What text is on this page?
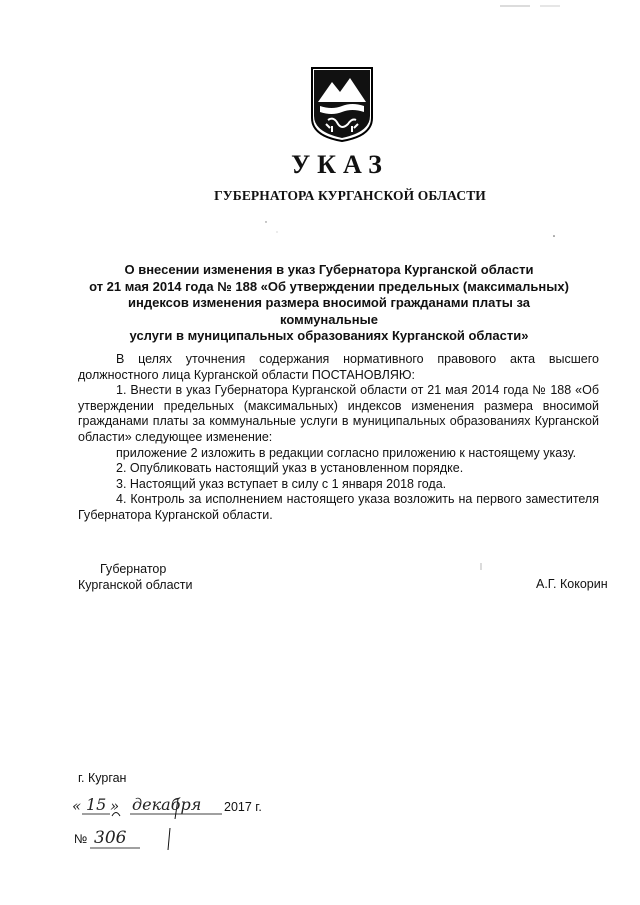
УКАЗ
ГУБЕРНАТОРА КУРГАНСКОЙ ОБЛАСТИ
О внесении изменения в указ Губернатора Курганской области
от 21 мая 2014 года № 188 «Об утверждении предельных (максимальных)
индексов изменения размера вносимой гражданами платы за коммунальные
услуги в муниципальных образованиях Курганской области»

В целях уточнения содержания нормативного правового акта высшего должностного лица Курганской области ПОСТАНОВЛЯЮ:

1. Внести в указ Губернатора Курганской области от 21 мая 2014 года № 188 «Об утверждении предельных (максимальных) индексов изменения размера вносимой гражданами платы за коммунальные услуги в муниципальных образованиях Курганской области» следующее изменение:

приложение 2 изложить в редакции согласно приложению к настоящему указу.

2. Опубликовать настоящий указ в установленном порядке.

3. Настоящий указ вступает в силу с 1 января 2018 года.

4. Контроль за исполнением настоящего указа возложить на первого заместителя Губернатора Курганской области.

Губернатор
Курганской области	А.Г. Кокорин
г. Курган
« 15 » декабря 2017 г.
№ 306
